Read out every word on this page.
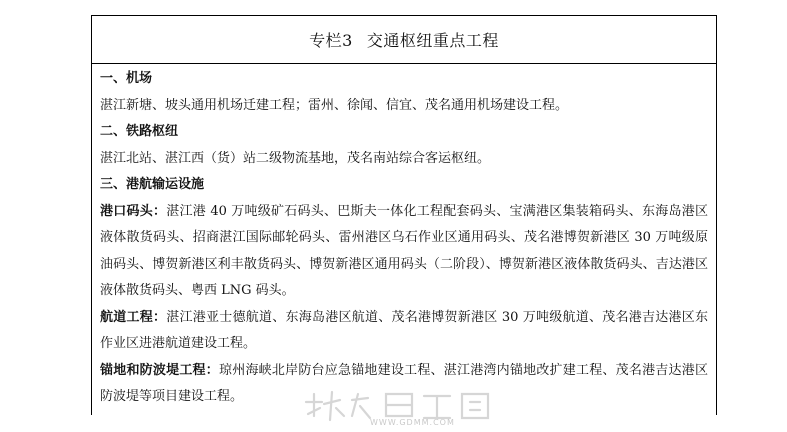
专栏3 交通枢纽重点工程
一、机场
湛江新塘、坡头通用机场迁建工程；雷州、徐闻、信宜、茂名通用机场建设工程。
二、铁路枢纽
湛江北站、湛江西（货）站二级物流基地，茂名南站综合客运枢纽。
三、港航输运设施
港口码头：湛江港 40 万吨级矿石码头、巴斯夫一体化工程配套码头、宝满港区集装箱码头、东海岛港区液体散货码头、招商湛江国际邮轮码头、雷州港区乌石作业区通用码头、茂名港博贺新港区 30 万吨级原油码头、博贺新港区利丰散货码头、博贺新港区通用码头（二阶段）、博贺新港区液体散货码头、吉达港区液体散货码头、粤西 LNG 码头。
航道工程：湛江港亚士德航道、东海岛港区航道、茂名港博贺新港区 30 万吨级航道、茂名港吉达港区东作业区进港航道建设工程。
锚地和防波堤工程：琼州海峡北岸防台应急锚地建设工程、湛江港湾内锚地改扩建工程、茂名港吉达港区防波堤等项目建设工程。
WWW.GDMM.COM
